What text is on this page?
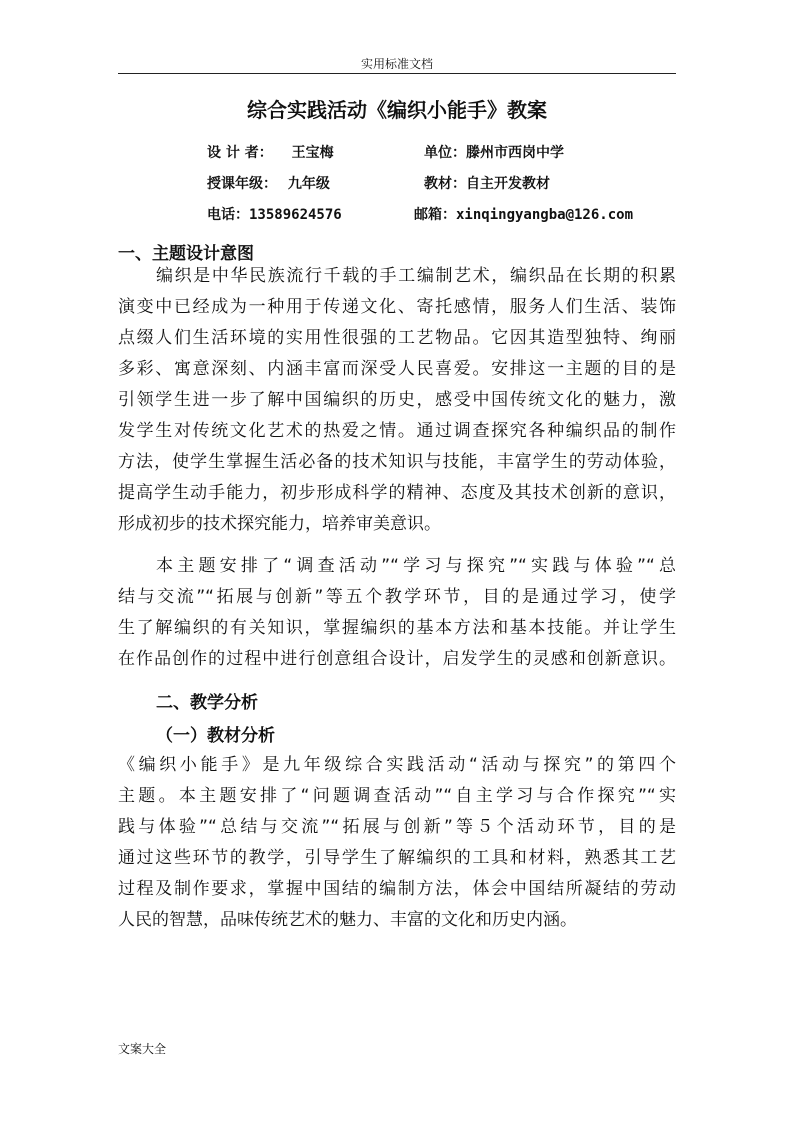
实用标准文档
综合实践活动《编织小能手》教案
设 计 者： 王宝梅	单位：滕州市西岗中学
授课年级： 九年级	教材：自主开发教材
电话：13589624576	邮箱：xinqingyangba@126.com
一、主题设计意图
编织是中华民族流行千载的手工编制艺术，编织品在长期的积累
演变中已经成为一种用于传递文化、寄托感情，服务人们生活、装饰
点缀人们生活环境的实用性很强的工艺物品。它因其造型独特、绚丽
多彩、寓意深刻、内涵丰富而深受人民喜爱。安排这一主题的目的是
引领学生进一步了解中国编织的历史，感受中国传统文化的魅力，激
发学生对传统文化艺术的热爱之情。通过调查探究各种编织品的制作
方法，使学生掌握生活必备的技术知识与技能，丰富学生的劳动体验，
提高学生动手能力，初步形成科学的精神、态度及其技术创新的意识，
形成初步的技术探究能力，培养审美意识。
本主题安排了“调查活动”“学习与探究”“实践与体验”“总
结与交流”“拓展与创新”等五个教学环节，目的是通过学习，使学
生了解编织的有关知识，掌握编织的基本方法和基本技能。并让学生
在作品创作的过程中进行创意组合设计，启发学生的灵感和创新意识。
二、教学分析
（一）教材分析
《编织小能手》是九年级综合实践活动“活动与探究”的第四个
主题。本主题安排了“问题调查活动”“自主学习与合作探究”“实
践与体验”“总结与交流”“拓展与创新”等５个活动环节，目的是
通过这些环节的教学，引导学生了解编织的工具和材料，熟悉其工艺
过程及制作要求，掌握中国结的编制方法，体会中国结所凝结的劳动
人民的智慧，品味传统艺术的魅力、丰富的文化和历史内涵。
文案大全
